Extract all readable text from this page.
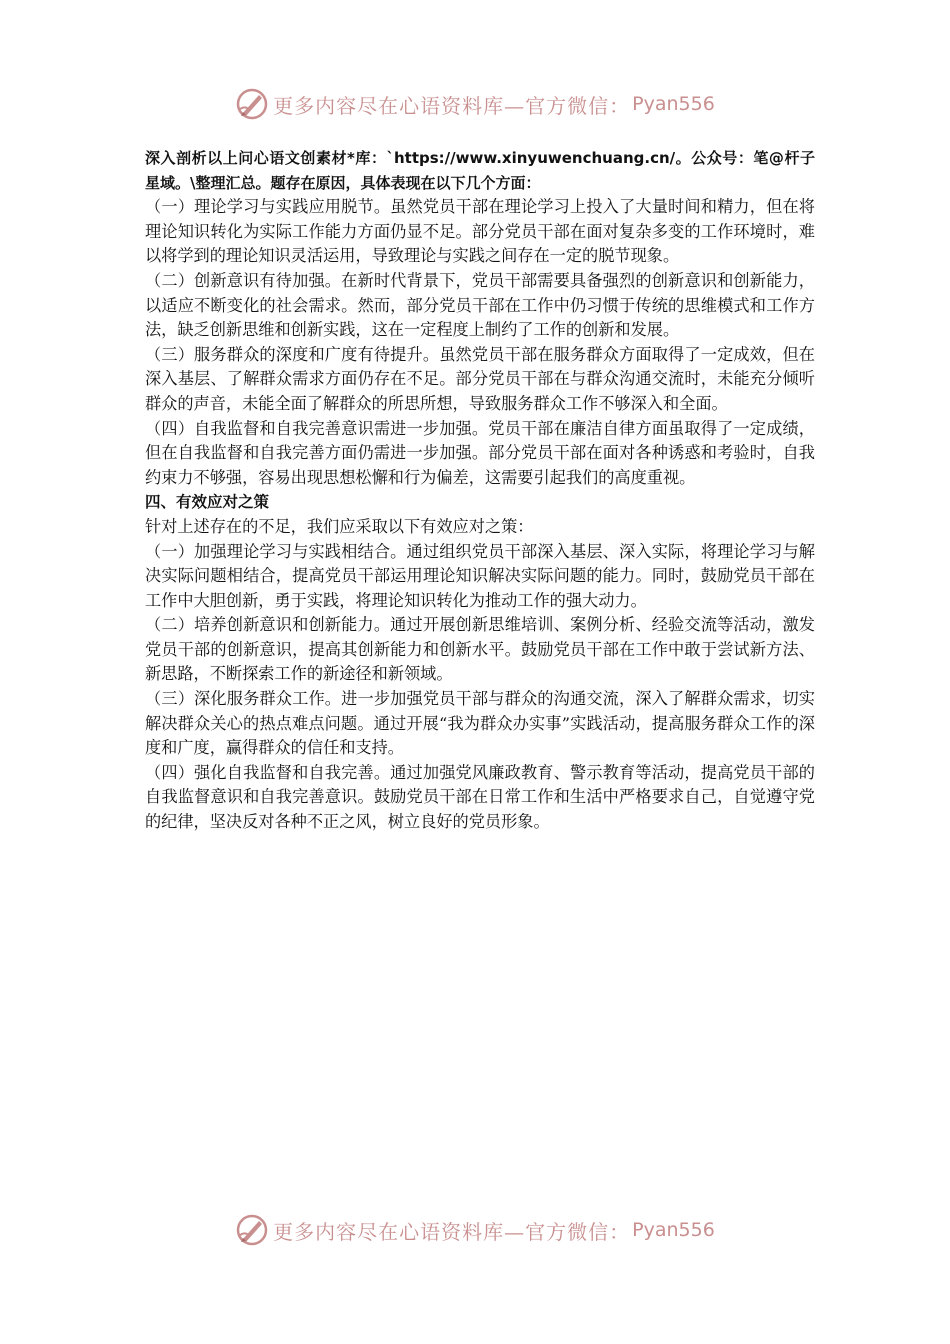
更多内容尽在心语资料库—官方微信： Pyan556

深入剖析以上问心语文创素材*库：`https://www.xinyuwenchuang.cn/。公众号：笔@杆子星域。\整理汇总。题存在原因，具体表现在以下几个方面：

（一）理论学习与实践应用脱节。虽然党员干部在理论学习上投入了大量时间和精力，但在将理论知识转化为实际工作能力方面仍显不足。部分党员干部在面对复杂多变的工作环境时，难以将学到的理论知识灵活运用，导致理论与实践之间存在一定的脱节现象。

（二）创新意识有待加强。在新时代背景下，党员干部需要具备强烈的创新意识和创新能力，以适应不断变化的社会需求。然而，部分党员干部在工作中仍习惯于传统的思维模式和工作方法，缺乏创新思维和创新实践，这在一定程度上制约了工作的创新和发展。

（三）服务群众的深度和广度有待提升。虽然党员干部在服务群众方面取得了一定成效，但在深入基层、了解群众需求方面仍存在不足。部分党员干部在与群众沟通交流时，未能充分倾听群众的声音，未能全面了解群众的所思所想，导致服务群众工作不够深入和全面。

（四）自我监督和自我完善意识需进一步加强。党员干部在廉洁自律方面虽取得了一定成绩，但在自我监督和自我完善方面仍需进一步加强。部分党员干部在面对各种诱惑和考验时，自我约束力不够强，容易出现思想松懈和行为偏差，这需要引起我们的高度重视。

四、有效应对之策

针对上述存在的不足，我们应采取以下有效应对之策：

（一）加强理论学习与实践相结合。通过组织党员干部深入基层、深入实际，将理论学习与解决实际问题相结合，提高党员干部运用理论知识解决实际问题的能力。同时，鼓励党员干部在工作中大胆创新，勇于实践，将理论知识转化为推动工作的强大动力。

（二）培养创新意识和创新能力。通过开展创新思维培训、案例分析、经验交流等活动，激发党员干部的创新意识，提高其创新能力和创新水平。鼓励党员干部在工作中敢于尝试新方法、新思路，不断探索工作的新途径和新领域。

（三）深化服务群众工作。进一步加强党员干部与群众的沟通交流，深入了解群众需求，切实解决群众关心的热点难点问题。通过开展“我为群众办实事”实践活动，提高服务群众工作的深度和广度，赢得群众的信任和支持。

（四）强化自我监督和自我完善。通过加强党风廉政教育、警示教育等活动，提高党员干部的自我监督意识和自我完善意识。鼓励党员干部在日常工作和生活中严格要求自己，自觉遵守党的纪律，坚决反对各种不正之风，树立良好的党员形象。

更多内容尽在心语资料库—官方微信： Pyan556
